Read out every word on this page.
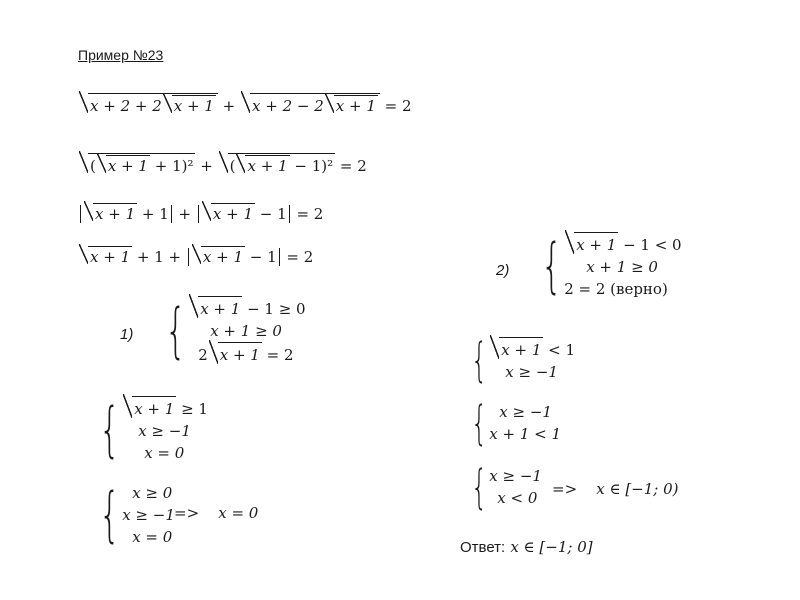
Пример №23
x + 2 + 2 x + 1 + x + 2 − 2 x + 1 = 2
( x + 1 + 1)² + ( x + 1 − 1)² = 2
x + 1 + 1 + x + 1 − 1 = 2
x + 1 + 1 + x + 1 − 1 = 2
1) { x + 1 − 1 ≥ 0
x + 1 ≥ 0
2 x + 1 = 2
{ x + 1 ≥ 1
x ≥ −1
x = 0
{ x ≥ 0
x ≥ −1
x = 0
=> x = 0
2) { x + 1 − 1 < 0
x + 1 ≥ 0
2 = 2 (верно)
{ x + 1 < 1
x ≥ −1
{ x ≥ −1
x + 1 < 1
{ x ≥ −1
x < 0 => x ∈ [−1; 0)
Ответ: x ∈ [−1; 0]
